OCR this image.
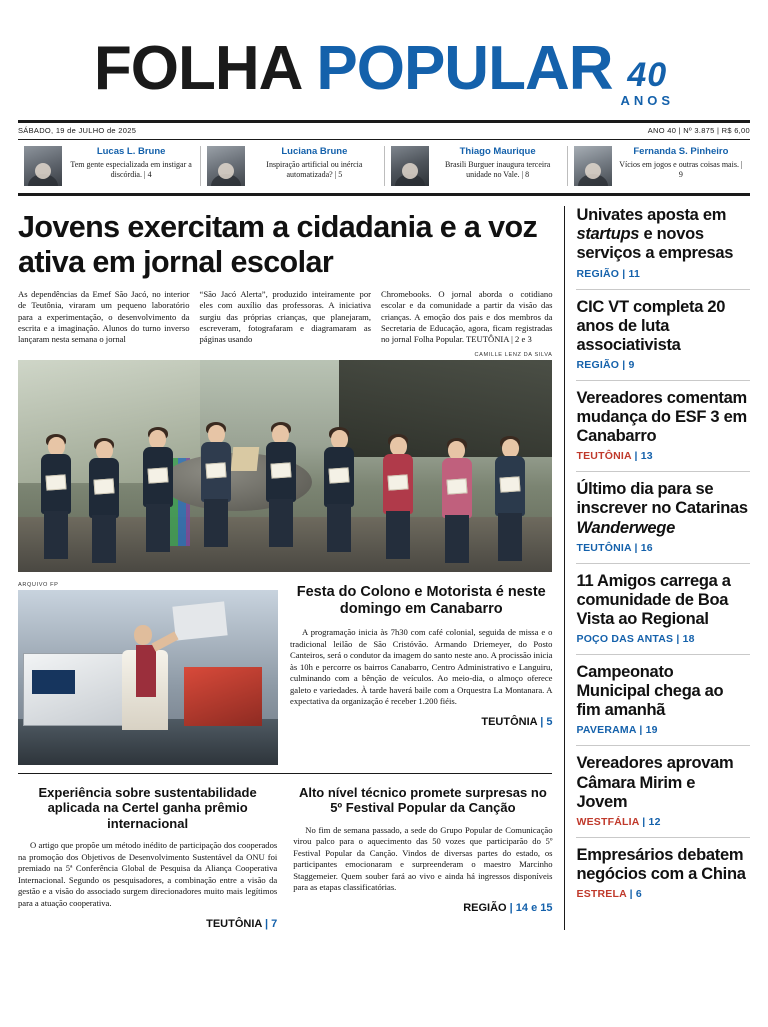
FOLHA POPULAR 40
ANOS
SÁBADO, 19 de JULHO de 2025	ANO 40 | Nº 3.875 | R$ 6,00
Lucas L. Brune
Tem gente especializada em instigar a discórdia. | 4
Luciana Brune
Inspiração artificial ou inércia automatizada? | 5
Thiago Maurique
Brasili Burguer inaugura terceira unidade no Vale. | 8
Fernanda S. Pinheiro
Vícios em jogos e outras coisas mais. | 9
Jovens exercitam a cidadania e a voz ativa em jornal escolar
As dependências da Emef São Jacó, no interior de Teutônia, viraram um pequeno laboratório para a experimentação, o desenvolvimento da escrita e a imaginação. Alunos do turno inverso lançaram nesta semana o jornal
“São Jacó Alerta”, produzido inteiramente por eles com auxílio das professoras. A iniciativa surgiu das próprias crianças, que planejaram, escreveram, fotografaram e diagramaram as páginas usando
Chromebooks. O jornal aborda o cotidiano escolar e da comunidade a partir da visão das crianças. A emoção dos pais e dos membros da Secretaria de Educação, agora, ficam registradas no jornal Folha Popular. TEUTÔNIA | 2 e 3
CAMILLE LENZ DA SILVA
ARQUIVO FP	Festa do Colono e Motorista é neste domingo em Canabarro

A programação inicia às 7h30 com café colonial, seguida de missa e o tradicional leilão de São Cristóvão. Armando Driemeyer, do Posto Canteiros, será o condutor da imagem do santo neste ano. A procissão inicia às 10h e percorre os bairros Canabarro, Centro Administrativo e Languiru, culminando com a bênção de veículos. Ao meio-dia, o almoço oferece galeto e variedades. À tarde haverá baile com a Orquestra La Montanara. A expectativa da organização é receber 1.200 fiéis.

TEUTÔNIA | 5
Experiência sobre sustentabilidade aplicada na Certel ganha prêmio internacional

O artigo que propõe um método inédito de participação dos cooperados na promoção dos Objetivos de Desenvolvimento Sustentável da ONU foi premiado na 5ª Conferência Global de Pesquisa da Aliança Cooperativa Internacional. Segundo os pesquisadores, a combinação entre a visão da gestão e a visão do associado surgem direcionadores muito mais legítimos para a atuação cooperativa.

TEUTÔNIA | 7
Alto nível técnico promete surpresas no 5º Festival Popular da Canção

No fim de semana passado, a sede do Grupo Popular de Comunicação virou palco para o aquecimento das 50 vozes que participarão do 5º Festival Popular da Canção. Vindos de diversas partes do estado, os participantes emocionaram e surpreenderam o maestro Marcinho Staggemeier. Quem souber fará ao vivo e ainda há ingressos disponíveis para as etapas classificatórias.

REGIÃO | 14 e 15
Univates aposta em startups e novos serviços a empresas
REGIÃO | 11
CIC VT completa 20 anos de luta associativista
REGIÃO | 9
Vereadores comentam mudança do ESF 3 em Canabarro
TEUTÔNIA | 13
Último dia para se inscrever no Catarinas Wanderwege
TEUTÔNIA | 16
11 Amigos carrega a comunidade de Boa Vista ao Regional
POÇO DAS ANTAS | 18
Campeonato Municipal chega ao fim amanhã
PAVERAMA | 19
Vereadores aprovam Câmara Mirim e Jovem
WESTFÁLIA | 12
Empresários debatem negócios com a China
ESTRELA | 6
